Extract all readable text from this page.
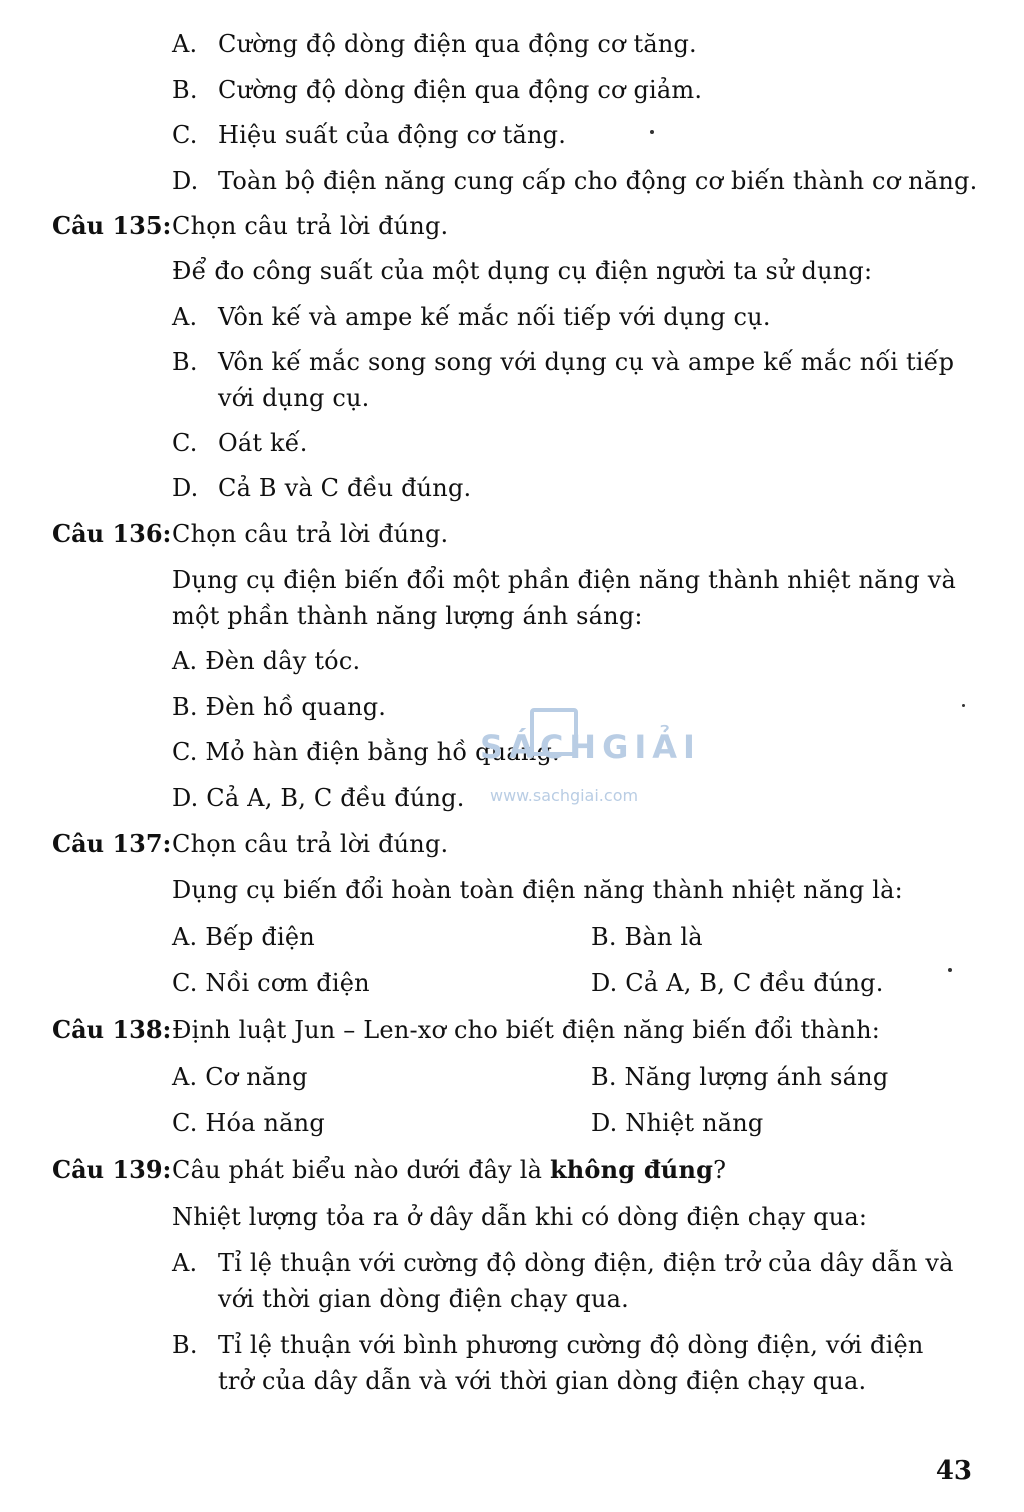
A. Cường độ dòng điện qua động cơ tăng.
B. Cường độ dòng điện qua động cơ giảm.
C. Hiệu suất của động cơ tăng.
D. Toàn bộ điện năng cung cấp cho động cơ biến thành cơ năng.
Câu 135: Chọn câu trả lời đúng.
Để đo công suất của một dụng cụ điện người ta sử dụng:
A. Vôn kế và ampe kế mắc nối tiếp với dụng cụ.
B. Vôn kế mắc song song với dụng cụ và ampe kế mắc nối tiếp
với dụng cụ.
C. Oát kế.
D. Cả B và C đều đúng.
Câu 136: Chọn câu trả lời đúng.
Dụng cụ điện biến đổi một phần điện năng thành nhiệt năng và
một phần thành năng lượng ánh sáng:
A. Đèn dây tóc.
B. Đèn hồ quang.
C. Mỏ hàn điện bằng hồ quang.
D. Cả A, B, C đều đúng.
SÁCHGIẢI
www.sachgiai.com
Câu 137: Chọn câu trả lời đúng.
Dụng cụ biến đổi hoàn toàn điện năng thành nhiệt năng là:
A. Bếp điện	B. Bàn là
C. Nồi cơm điện	D. Cả A, B, C đều đúng.
Câu 138: Định luật Jun – Len-xơ cho biết điện năng biến đổi thành:
A. Cơ năng	B. Năng lượng ánh sáng
C. Hóa năng	D. Nhiệt năng
Câu 139: Câu phát biểu nào dưới đây là không đúng?
Nhiệt lượng tỏa ra ở dây dẫn khi có dòng điện chạy qua:
A. Tỉ lệ thuận với cường độ dòng điện, điện trở của dây dẫn và
với thời gian dòng điện chạy qua.
B. Tỉ lệ thuận với bình phương cường độ dòng điện, với điện
trở của dây dẫn và với thời gian dòng điện chạy qua.
43
